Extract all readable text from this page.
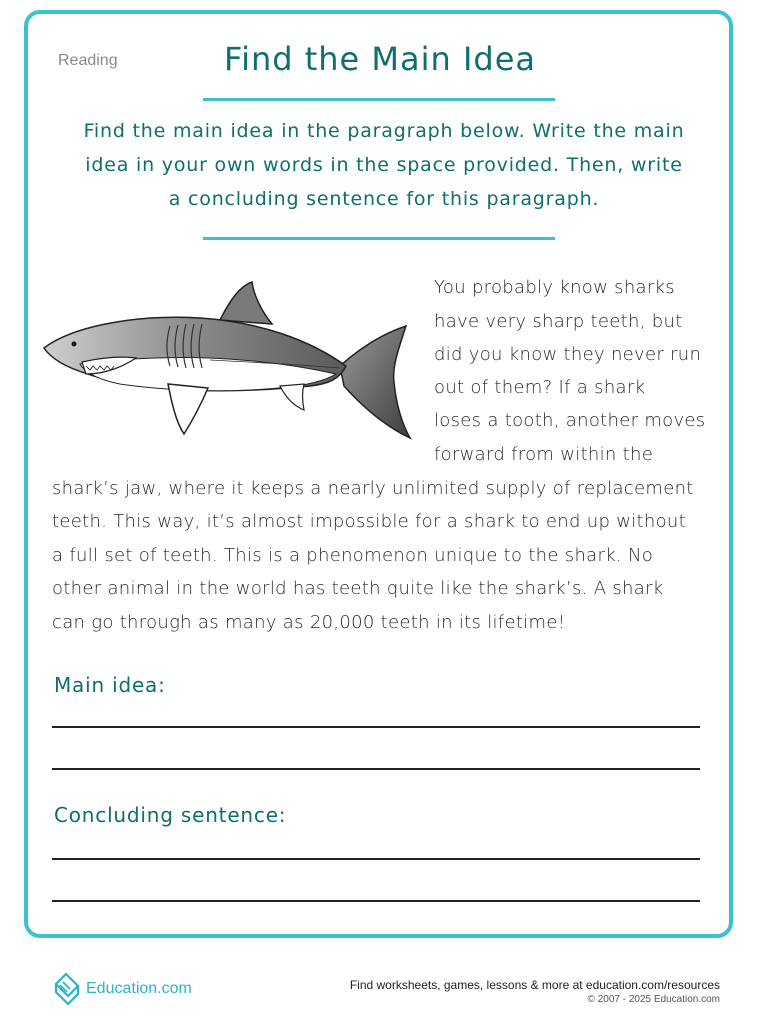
Reading	Find the Main Idea
Find the main idea in the paragraph below. Write the main
idea in your own words in the space provided. Then, write
a concluding sentence for this paragraph.
You probably know sharks
have very sharp teeth, but
did you know they never run
out of them? If a shark
loses a tooth, another moves
forward from within the
shark’s jaw, where it keeps a nearly unlimited supply of replacement
teeth. This way, it’s almost impossible for a shark to end up without
a full set of teeth. This is a phenomenon unique to the shark. No
other animal in the world has teeth quite like the shark’s. A shark
can go through as many as 20,000 teeth in its lifetime!
Main idea:
Concluding sentence:
Education.com	Find worksheets, games, lessons & more at education.com/resources
© 2007 - 2025 Education.com
